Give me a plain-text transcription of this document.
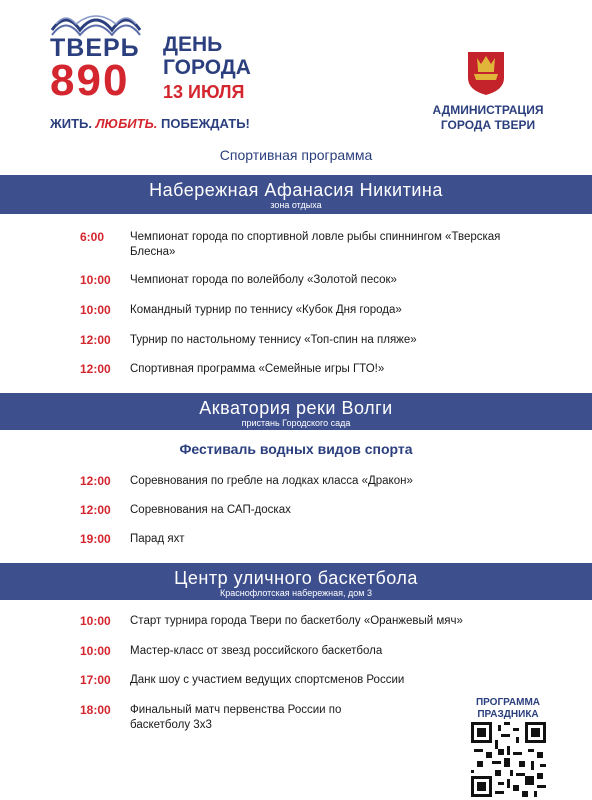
ТВЕРЬ
890
ДЕНЬ
ГОРОДА
13 ИЮЛЯ
ЖИТЬ. ЛЮБИТЬ. ПОБЕЖДАТЬ!
АДМИНИСТРАЦИЯ
ГОРОДА ТВЕРИ
Спортивная программа
Набережная Афанасия Никитина
зона отдыха
6:00	Чемпионат города по спортивной ловле рыбы спиннингом «Тверская Блесна»
10:00	Чемпионат города по волейболу «Золотой песок»
10:00	Командный турнир по теннису «Кубок Дня города»
12:00	Турнир по настольному теннису «Топ-спин на пляже»
12:00	Спортивная программа «Семейные игры ГТО!»
Акватория реки Волги
пристань Городского сада
Фестиваль водных видов спорта
12:00	Соревнования по гребле на лодках класса «Дракон»
12:00	Соревнования на САП-досках
19:00	Парад яхт
Центр уличного баскетбола
Краснофлотская набережная, дом 3
10:00	Старт турнира города Твери по баскетболу «Оранжевый мяч»
10:00	Мастер-класс от звезд российского баскетбола
17:00	Данк шоу с участием ведущих спортсменов России
18:00	Финальный матч первенства России по баскетболу 3х3
ПРОГРАММА
ПРАЗДНИКА
